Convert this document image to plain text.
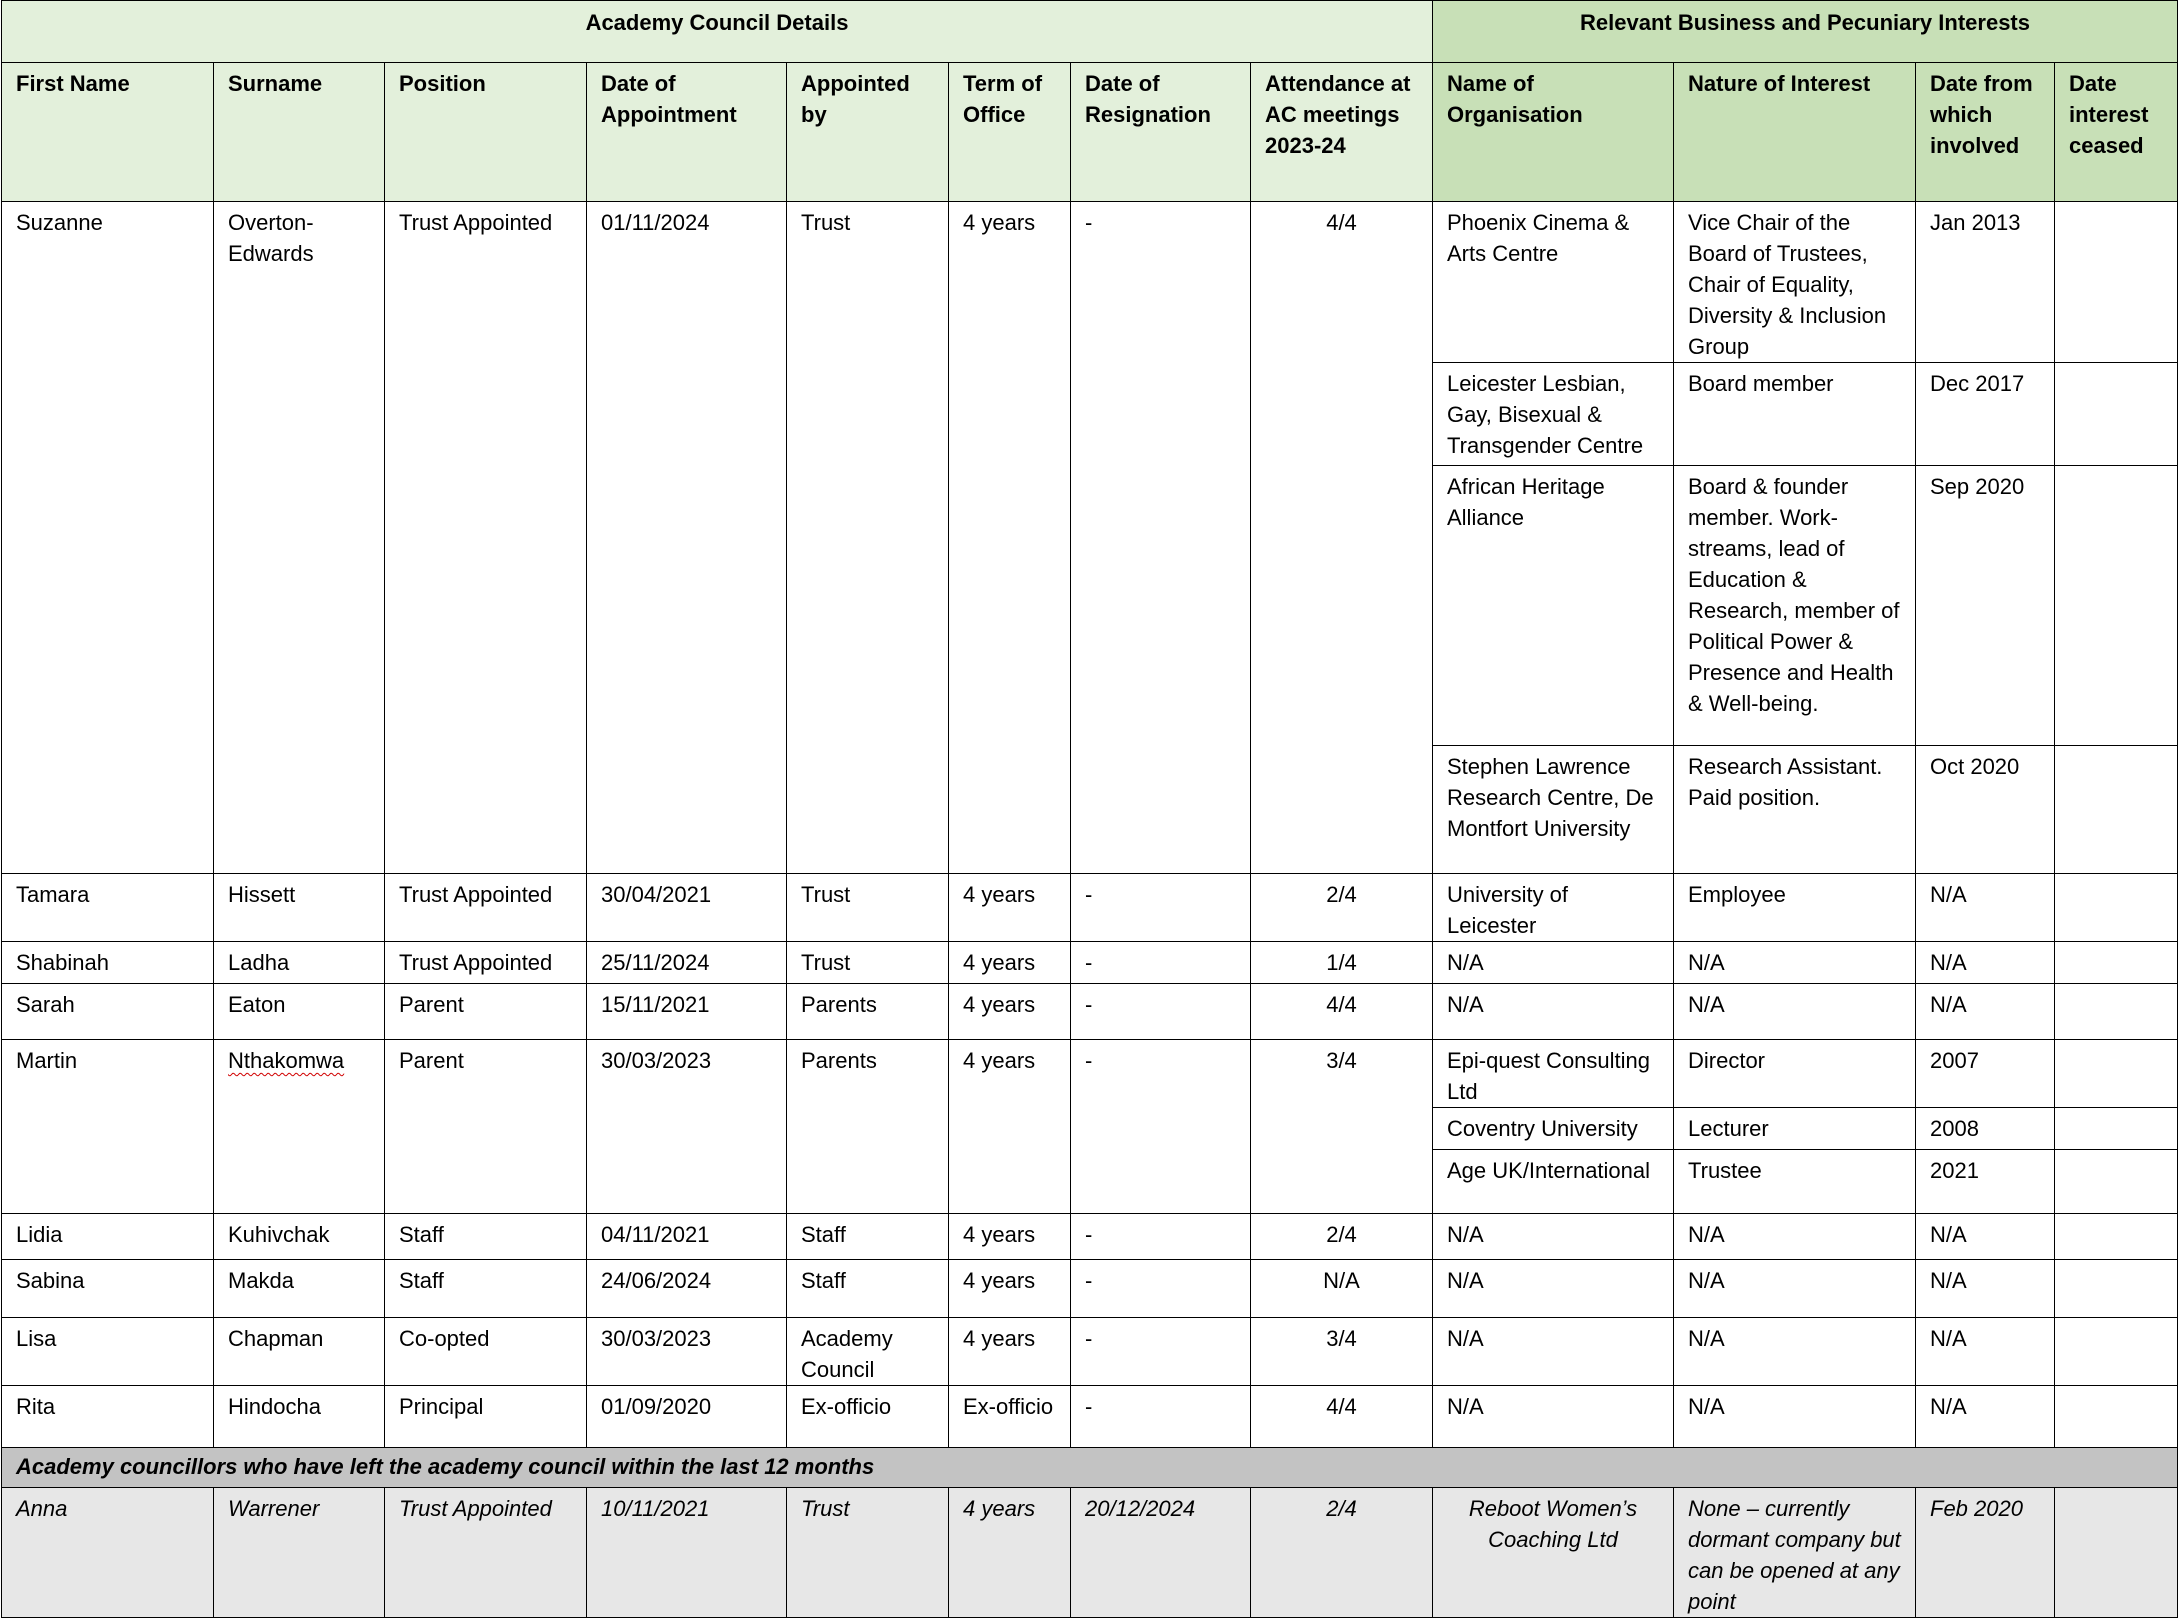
Academy Council Details								Relevant Business and Pecuniary Interests			
First Name	Surname	Position	Date of Appointment	Appointed by	Term of Office	Date of Resignation	Attendance at AC meetings 2023-24	Name of Organisation	Nature of Interest	Date from which involved	Date interest ceased
Suzanne	Overton-Edwards	Trust Appointed	01/11/2024	Trust	4 years	-	4/4	Phoenix Cinema & Arts Centre	Vice Chair of the Board of Trustees, Chair of Equality, Diversity & Inclusion Group	Jan 2013	
								Leicester Lesbian, Gay, Bisexual & Transgender Centre	Board member	Dec 2017	
								African Heritage Alliance	Board & founder member. Work-streams, lead of Education & Research, member of Political Power & Presence and Health & Well-being.	Sep 2020	
								Stephen Lawrence Research Centre, De Montfort University	Research Assistant. Paid position.	Oct 2020	
Tamara	Hissett	Trust Appointed	30/04/2021	Trust	4 years	-	2/4	University of Leicester	Employee	N/A	
Shabinah	Ladha	Trust Appointed	25/11/2024	Trust	4 years	-	1/4	N/A	N/A	N/A	
Sarah	Eaton	Parent	15/11/2021	Parents	4 years	-	4/4	N/A	N/A	N/A	
Martin	Nthakomwa	Parent	30/03/2023	Parents	4 years	-	3/4	Epi-quest Consulting Ltd	Director	2007	
								Coventry University	Lecturer	2008	
								Age UK/International	Trustee	2021	
Lidia	Kuhivchak	Staff	04/11/2021	Staff	4 years	-	2/4	N/A	N/A	N/A	
Sabina	Makda	Staff	24/06/2024	Staff	4 years	-	N/A	N/A	N/A	N/A	
Lisa	Chapman	Co-opted	30/03/2023	Academy Council	4 years	-	3/4	N/A	N/A	N/A	
Rita	Hindocha	Principal	01/09/2020	Ex-officio	Ex-officio	-	4/4	N/A	N/A	N/A	
Academy councillors who have left the academy council within the last 12 months											
Anna	Warrener	Trust Appointed	10/11/2021	Trust	4 years	20/12/2024	2/4	Reboot Women’s Coaching Ltd	None – currently dormant company but can be opened at any point	Feb 2020	
